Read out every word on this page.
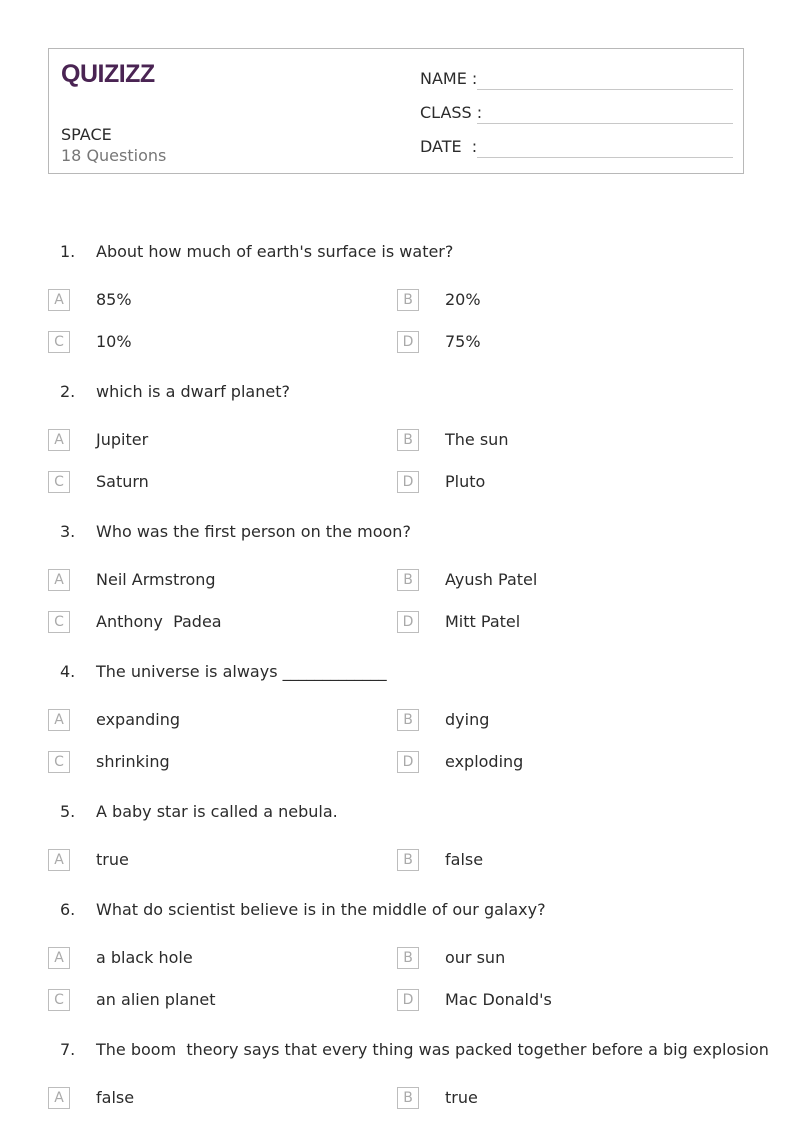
QUIZIZZ
SPACE
18 Questions
NAME :
CLASS :
DATE  :
1. About how much of earth's surface is water?
A	85%	B	20%
C	10%	D	75%
2. which is a dwarf planet?
A	Jupiter	B	The sun
C	Saturn	D	Pluto
3. Who was the first person on the moon?
A	Neil Armstrong	B	Ayush Patel
C	Anthony  Padea	D	Mitt Patel
4. The universe is always _____________
A	expanding	B	dying
C	shrinking	D	exploding
5. A baby star is called a nebula.
A	true	B	false
6. What do scientist believe is in the middle of our galaxy?
A	a black hole	B	our sun
C	an alien planet	D	Mac Donald's
7. The boom  theory says that every thing was packed together before a big explosion
A	false	B	true
